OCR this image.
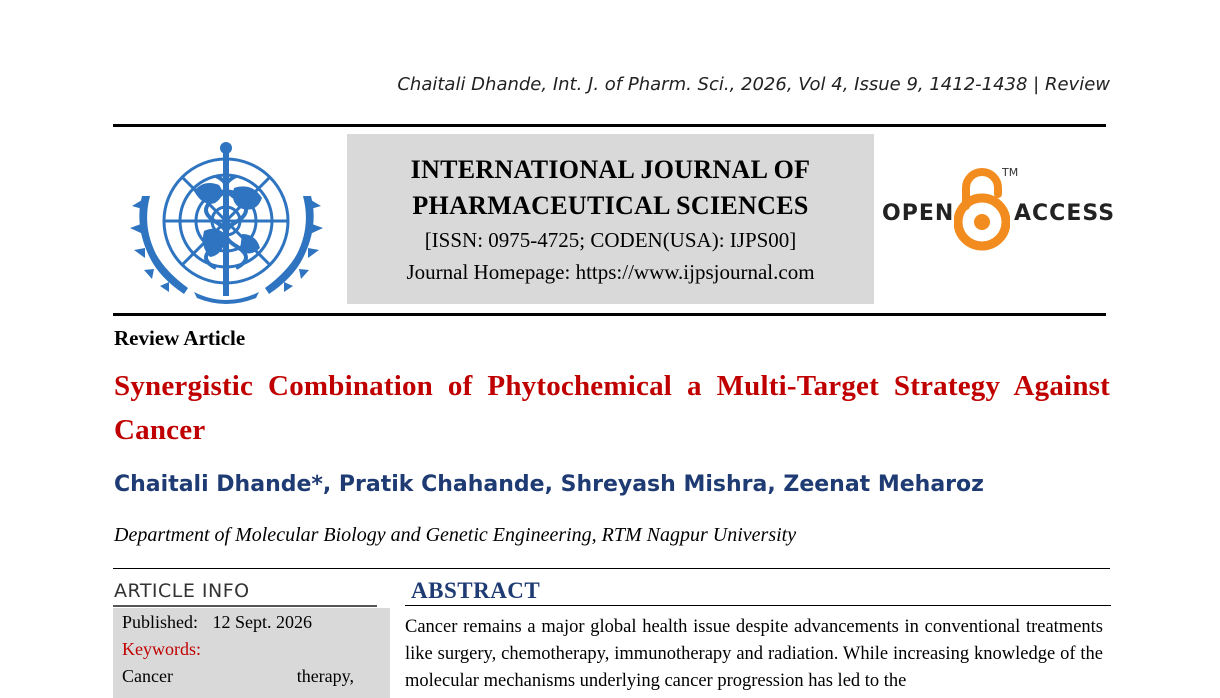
Chaitali Dhande, Int. J. of Pharm. Sci., 2026, Vol 4, Issue 9, 1412-1438 | Review
INTERNATIONAL JOURNAL OF
PHARMACEUTICAL SCIENCES
[ISSN: 0975-4725; CODEN(USA): IJPS00]
Journal Homepage: https://www.ijpsjournal.com
OPEN
TM
ACCESS
Review Article
Synergistic Combination of Phytochemical a Multi-Target Strategy Against Cancer
Chaitali Dhande*, Pratik Chahande, Shreyash Mishra, Zeenat Meharoz
Department of Molecular Biology and Genetic Engineering, RTM Nagpur University
ARTICLE INFO
Published: 12 Sept. 2026
Keywords:
Cancer	therapy,
ABSTRACT
Cancer remains a major global health issue despite advancements in conventional treatments like surgery, chemotherapy, immunotherapy and radiation. While increasing knowledge of the molecular mechanisms underlying cancer progression has led to the
